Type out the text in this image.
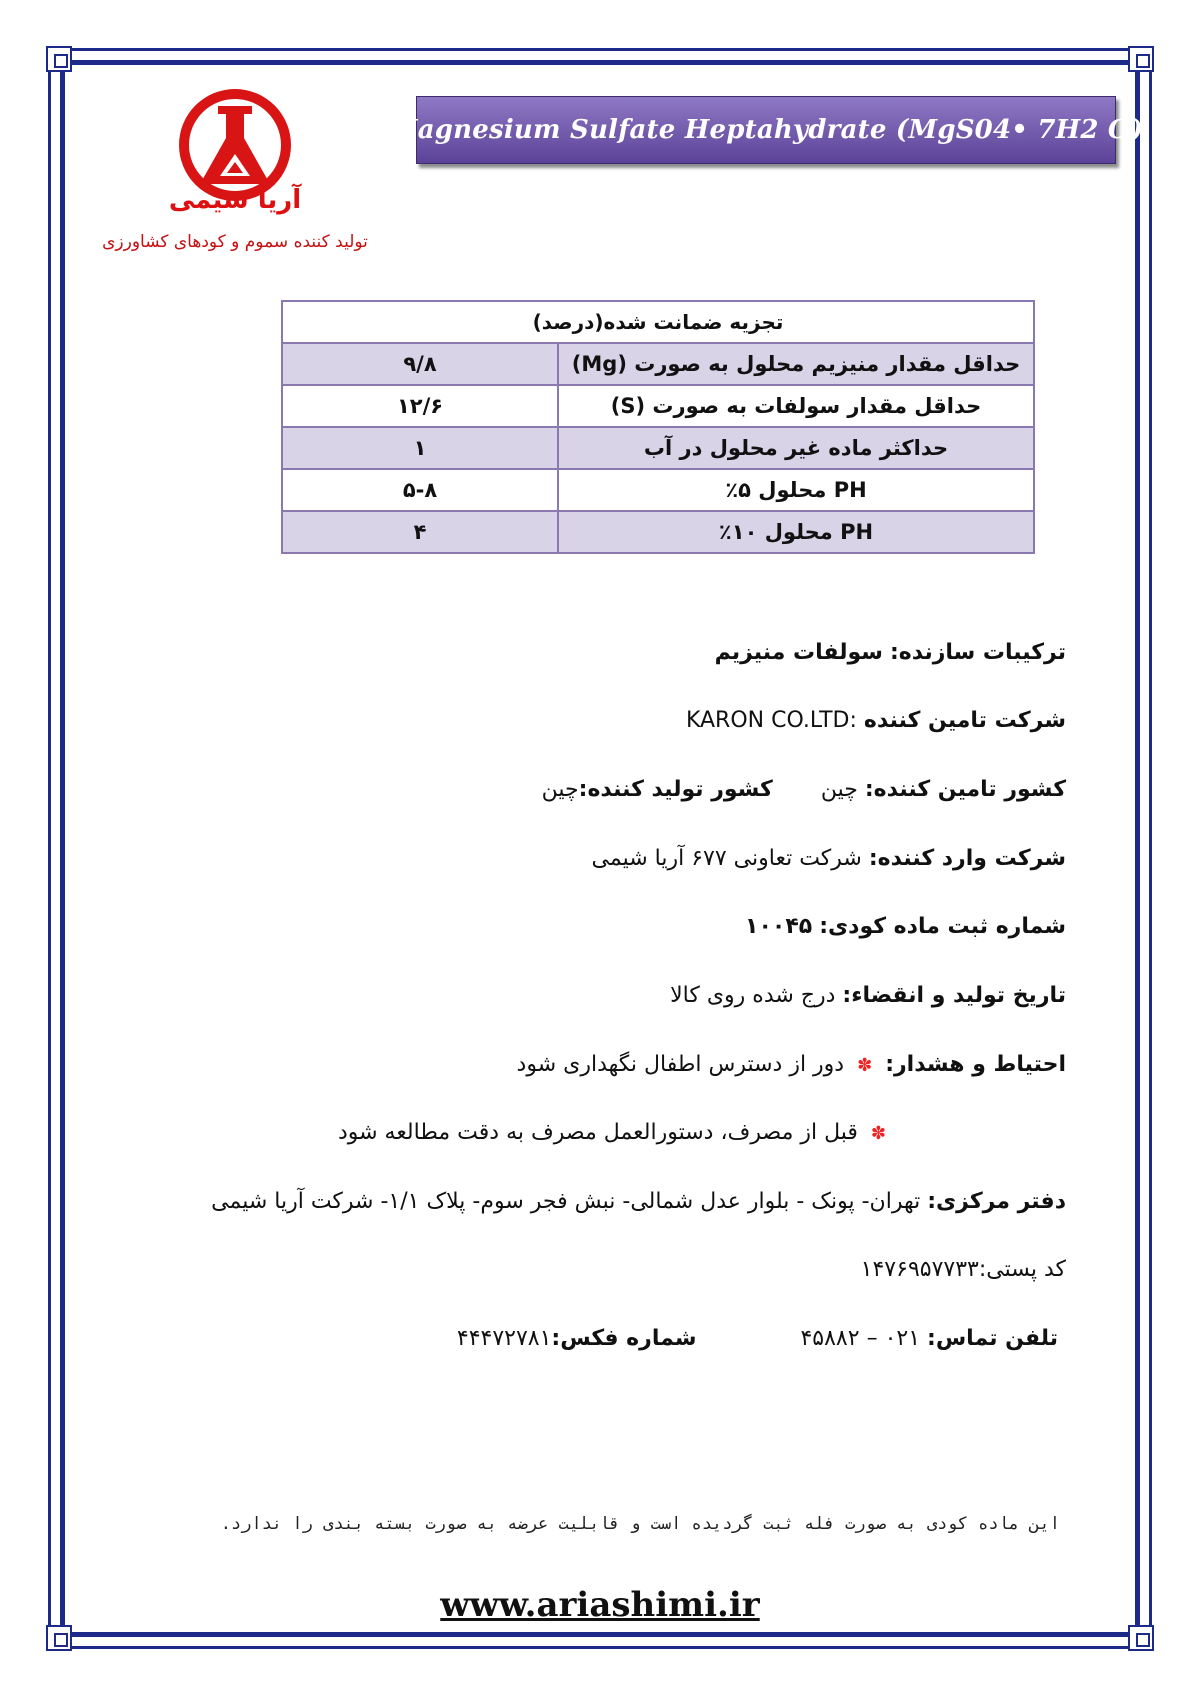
آریا شیمی
تولید کننده سموم و کودهای کشاورزی
Magnesium Sulfate Heptahydrate (MgS04• 7H2 O)
تجزیه ضمانت شده(درصد)	
حداقل مقدار منیزیم محلول به صورت (Mg)	۹/۸
حداقل مقدار سولفات به صورت (S)	۱۲/۶
حداکثر ماده غیر محلول در آب	۱
PH محلول ۵٪	۵-۸
PH محلول ۱۰٪	۴
ترکیبات سازنده: سولفات منیزیم
شرکت تامین کننده KARON CO.LTD:
کشور تامین کننده: چین  کشور تولید کننده:چین
شرکت وارد کننده: شرکت تعاونی ۶۷۷ آریا شیمی
شماره ثبت ماده کودی: ۱۰۰۴۵
تاریخ تولید و انقضاء: درج شده روی کالا
احتیاط و هشدار: ✽ دور از دسترس اطفال نگهداری شود
✽ قبل از مصرف، دستورالعمل مصرف به دقت مطالعه شود
دفتر مرکزی: تهران- پونک - بلوار عدل شمالی- نبش فجر سوم- پلاک ۱/۱- شرکت آریا شیمی
کد پستی:۱۴۷۶۹۵۷۷۳۳
تلفن تماس: ۰۲۱ – ۴۵۸۸۲  شماره فکس:۴۴۴۷۲۷۸۱
این ماده کودی به صورت فله ثبت گردیده است و قابلیت عرضه به صورت بسته بندی را ندارد.
www.ariashimi.ir
